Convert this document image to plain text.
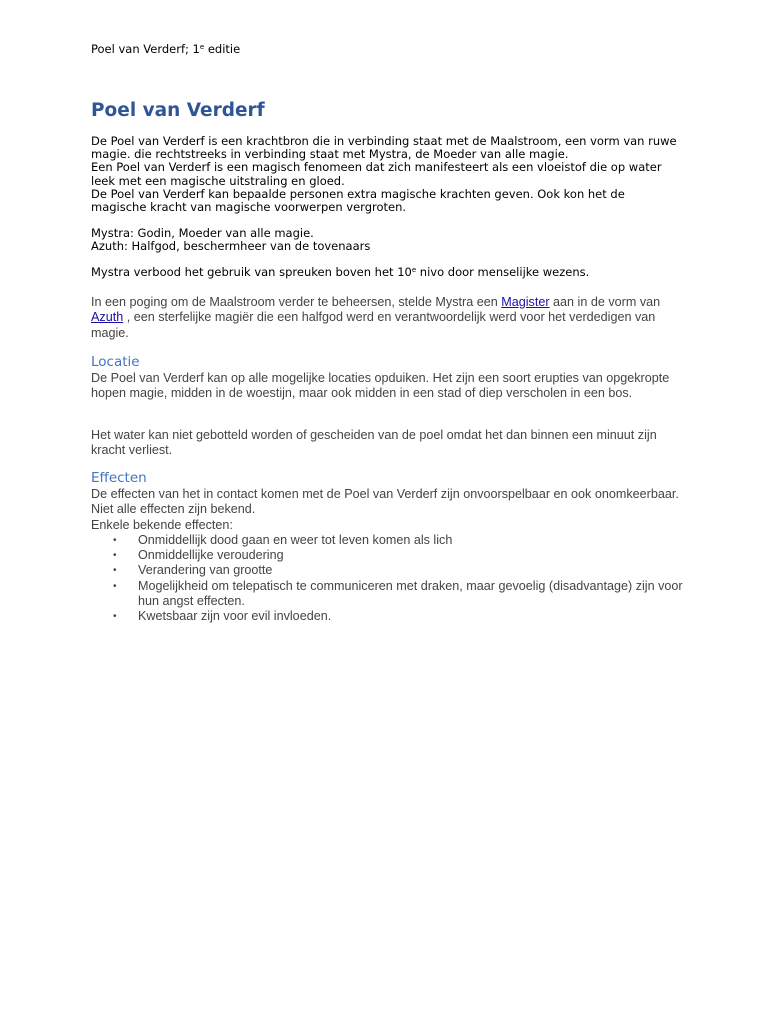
Poel van Verderf; 1e editie
Poel van Verderf

De Poel van Verderf is een krachtbron die in verbinding staat met de Maalstroom, een vorm van ruwe magie. die rechtstreeks in verbinding staat met Mystra, de Moeder van alle magie.

Een Poel van Verderf is een magisch fenomeen dat zich manifesteert als een vloeistof die op water leek met een magische uitstraling en gloed.

De Poel van Verderf kan bepaalde personen extra magische krachten geven. Ook kon het de magische kracht van magische voorwerpen vergroten.

Mystra: Godin, Moeder van alle magie.

Azuth: Halfgod, beschermheer van de tovenaars

Mystra verbood het gebruik van spreuken boven het 10e nivo door menselijke wezens.
In een poging om de Maalstroom verder te beheersen, stelde Mystra een Magister aan in de vorm van Azuth , een sterfelijke magiër die een halfgod werd en verantwoordelijk werd voor het verdedigen van magie.
Locatie

De Poel van Verderf kan op alle mogelijke locaties opduiken. Het zijn een soort erupties van opgekropte hopen magie, midden in de woestijn, maar ook midden in een stad of diep verscholen in een bos.

Het water kan niet gebotteld worden of gescheiden van de poel omdat het dan binnen een minuut zijn kracht verliest.

Effecten

De effecten van het in contact komen met de Poel van Verderf zijn onvoorspelbaar en ook onomkeerbaar. Niet alle effecten zijn bekend.

Enkele bekende effecten:

• Onmiddellijk dood gaan en weer tot leven komen als lich
• Onmiddellijke veroudering
• Verandering van grootte
• Mogelijkheid om telepatisch te communiceren met draken, maar gevoelig (disadvantage) zijn voor hun angst effecten.
• Kwetsbaar zijn voor evil invloeden.
